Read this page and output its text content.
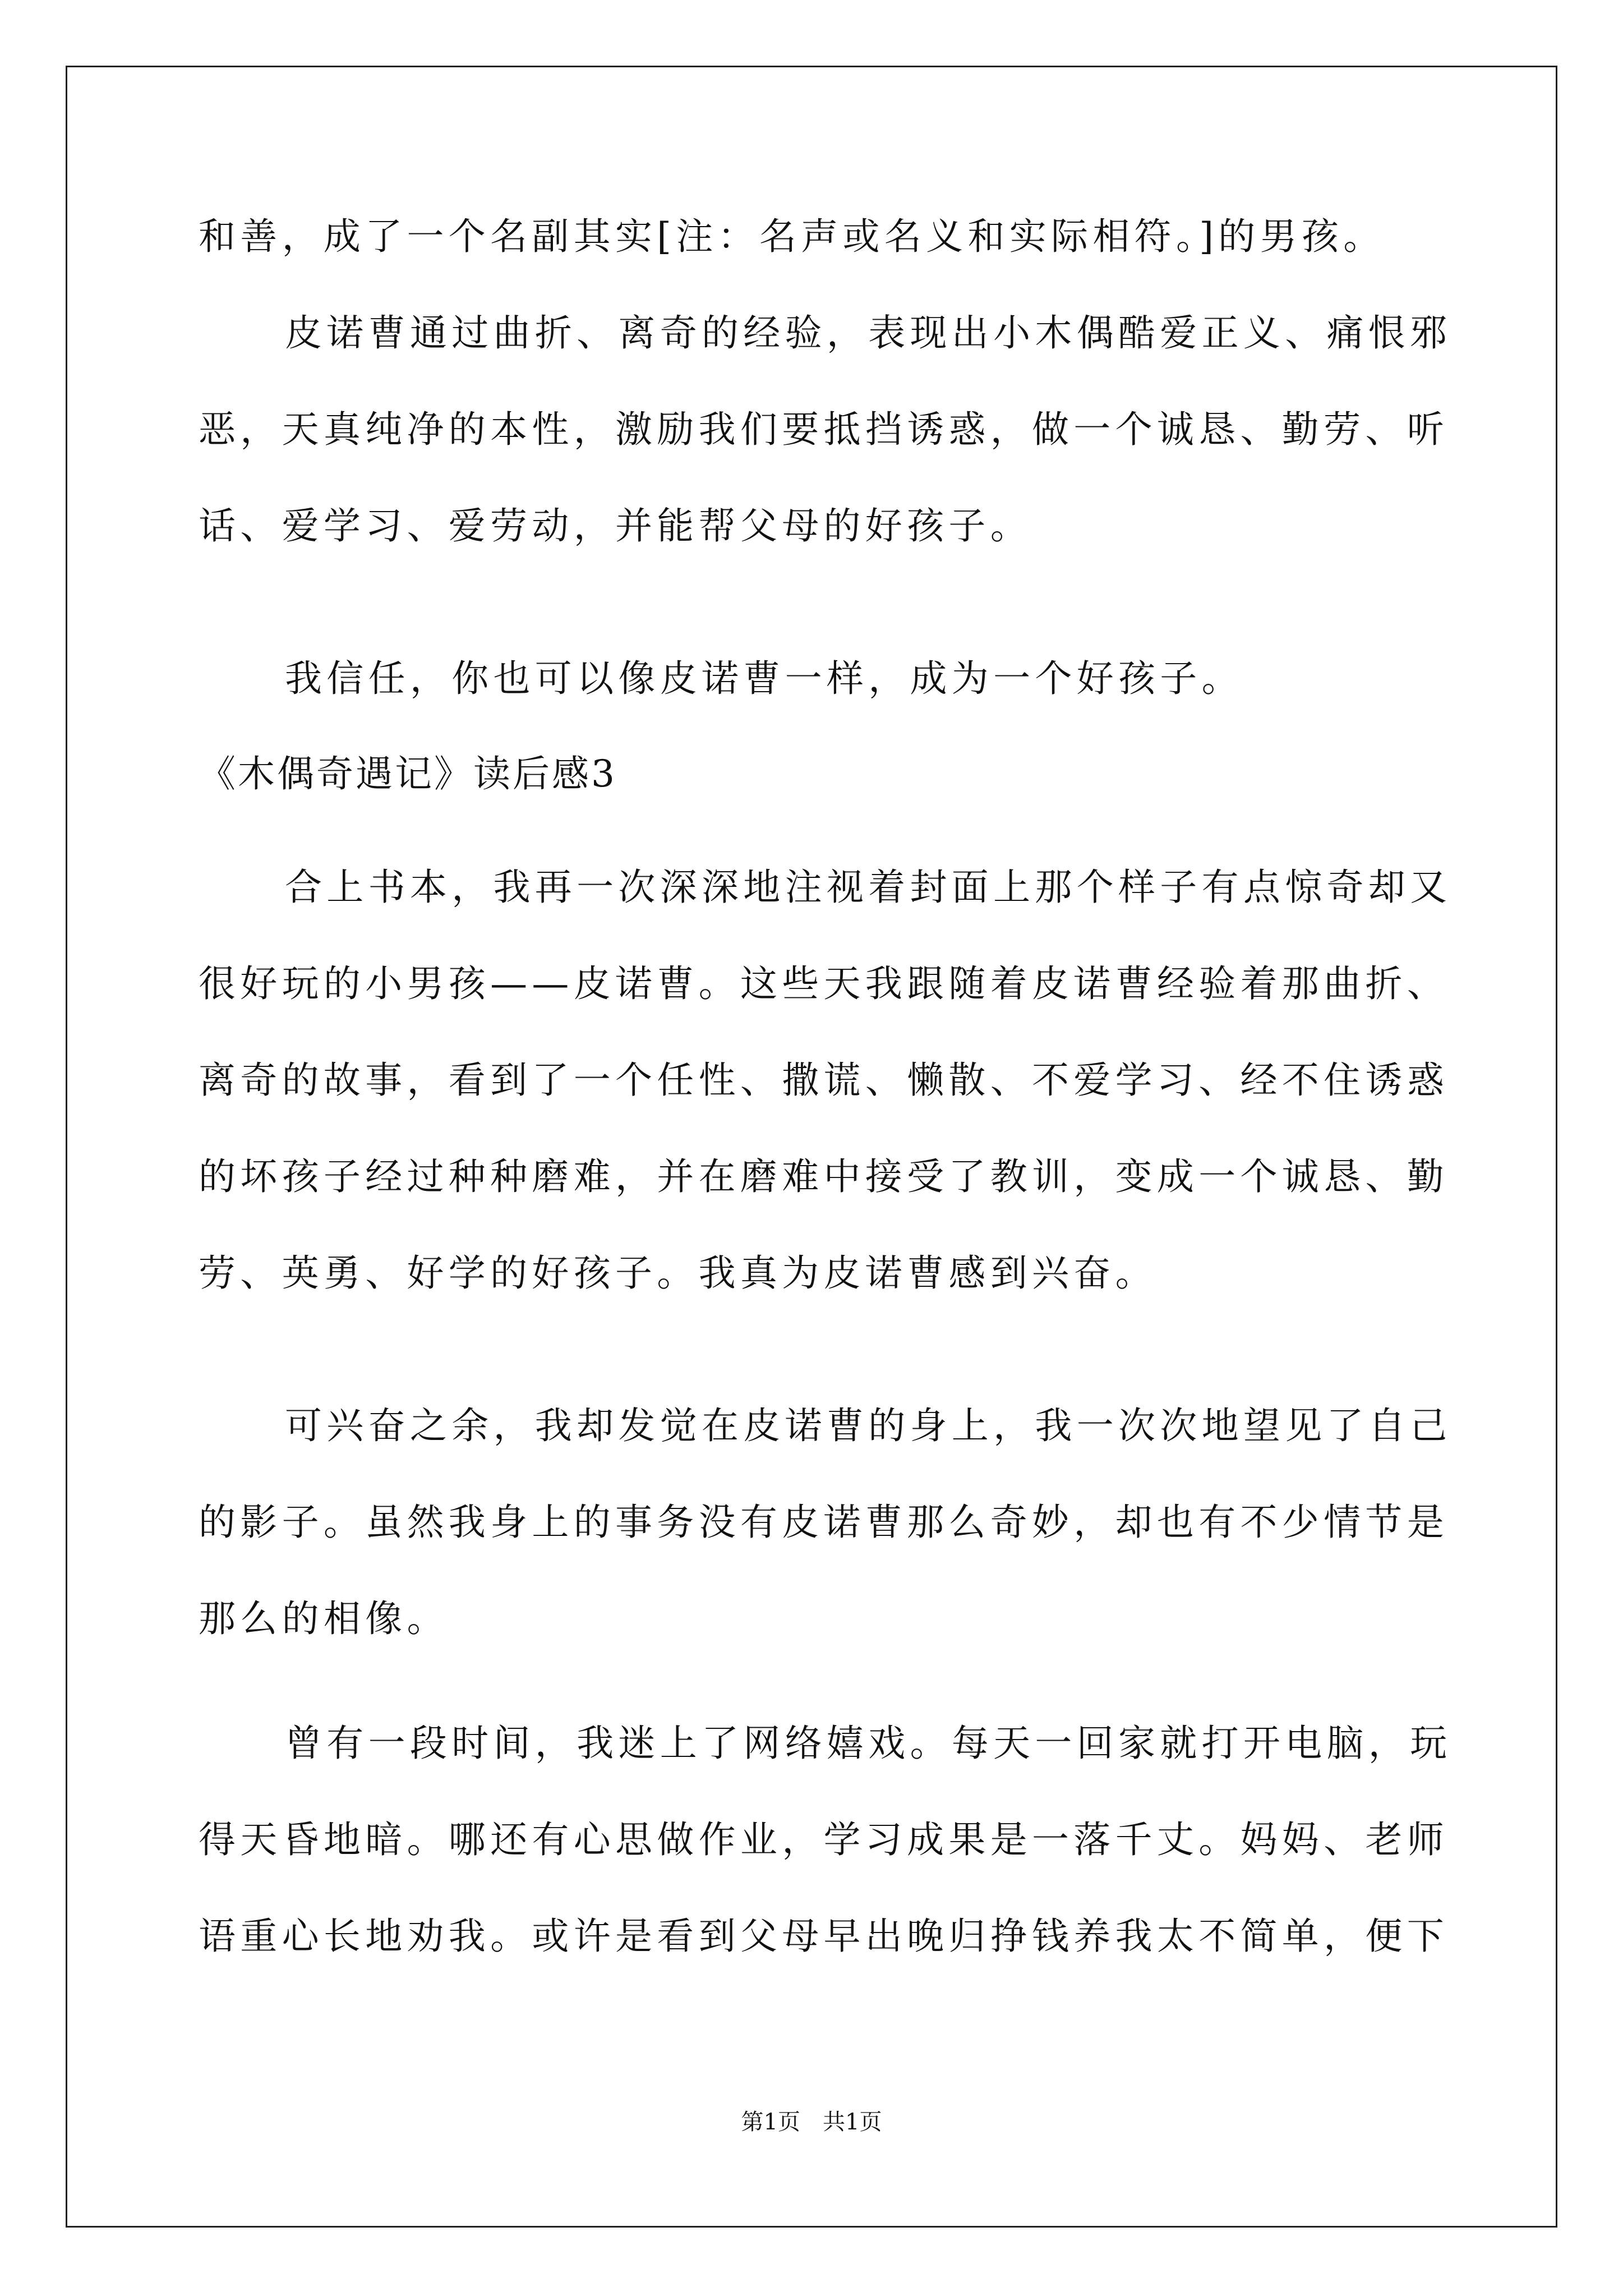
和善，成了一个名副其实[注：名声或名义和实际相符。]的男孩。
皮诺曹通过曲折、离奇的经验，表现出小木偶酷爱正义、痛恨邪
恶，天真纯净的本性，激励我们要抵挡诱惑，做一个诚恳、勤劳、听
话、爱学习、爱劳动，并能帮父母的好孩子。
我信任，你也可以像皮诺曹一样，成为一个好孩子。
《木偶奇遇记》读后感3
合上书本，我再一次深深地注视着封面上那个样子有点惊奇却又
很好玩的小男孩——皮诺曹。这些天我跟随着皮诺曹经验着那曲折、
离奇的故事，看到了一个任性、撒谎、懒散、不爱学习、经不住诱惑
的坏孩子经过种种磨难，并在磨难中接受了教训，变成一个诚恳、勤
劳、英勇、好学的好孩子。我真为皮诺曹感到兴奋。
可兴奋之余，我却发觉在皮诺曹的身上，我一次次地望见了自己
的影子。虽然我身上的事务没有皮诺曹那么奇妙，却也有不少情节是
那么的相像。
曾有一段时间，我迷上了网络嬉戏。每天一回家就打开电脑，玩
得天昏地暗。哪还有心思做作业，学习成果是一落千丈。妈妈、老师
语重心长地劝我。或许是看到父母早出晚归挣钱养我太不简单，便下
第1页　共1页
